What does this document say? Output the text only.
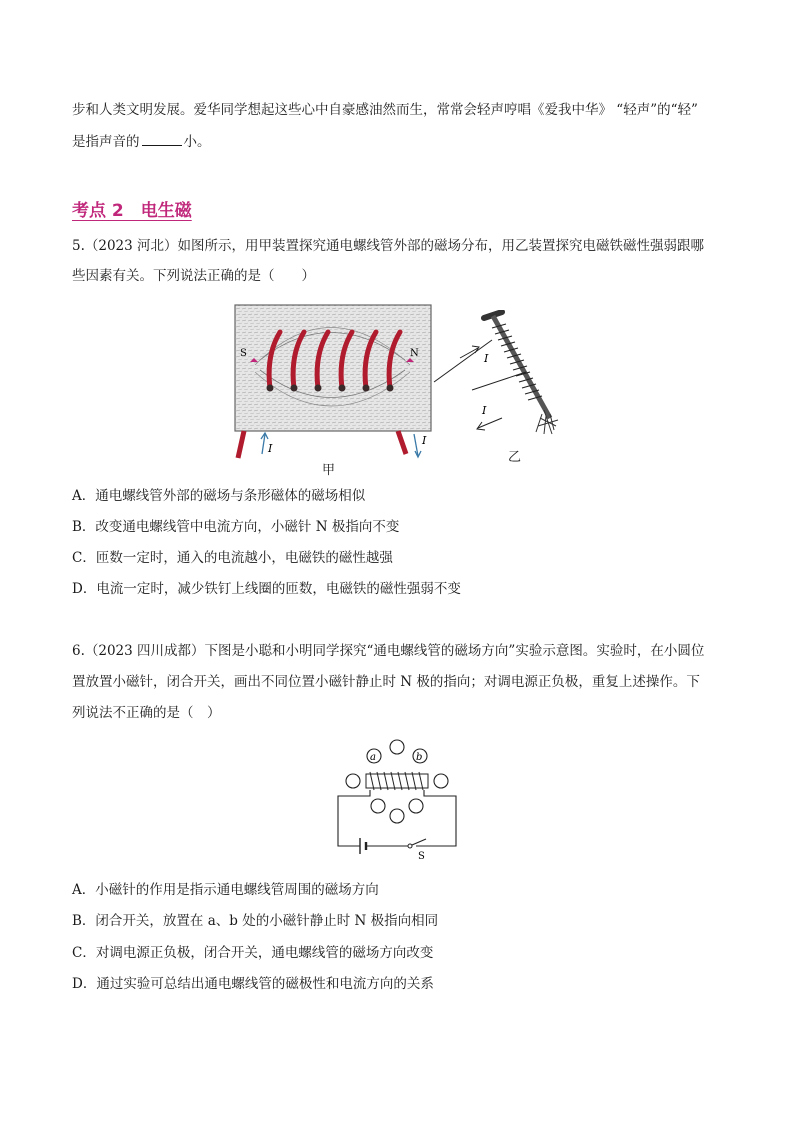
步和人类文明发展。爱华同学想起这些心中自豪感油然而生，常常会轻声哼唱《爱我中华》 “轻声”的“轻”
是指声音的	小。
考点 2　电生磁
5.（2023 河北）如图所示，用甲装置探究通电螺线管外部的磁场分布，用乙装置探究电磁铁磁性强弱跟哪
些因素有关。下列说法正确的是（　　）
S	N
I
I
甲
I
I
乙
A．通电螺线管外部的磁场与条形磁体的磁场相似
B．改变通电螺线管中电流方向，小磁针 N 极指向不变
C．匝数一定时，通入的电流越小，电磁铁的磁性越强
D．电流一定时，减少铁钉上线圈的匝数，电磁铁的磁性强弱不变
6.（2023 四川成都）下图是小聪和小明同学探究“通电螺线管的磁场方向”实验示意图。实验时，在小圆位
置放置小磁针，闭合开关，画出不同位置小磁针静止时 N 极的指向；对调电源正负极，重复上述操作。下
列说法不正确的是（　）
a	b
S
A．小磁针的作用是指示通电螺线管周围的磁场方向
B．闭合开关，放置在 a、b 处的小磁针静止时 N 极指向相同
C．对调电源正负极，闭合开关，通电螺线管的磁场方向改变
D．通过实验可总结出通电螺线管的磁极性和电流方向的关系
